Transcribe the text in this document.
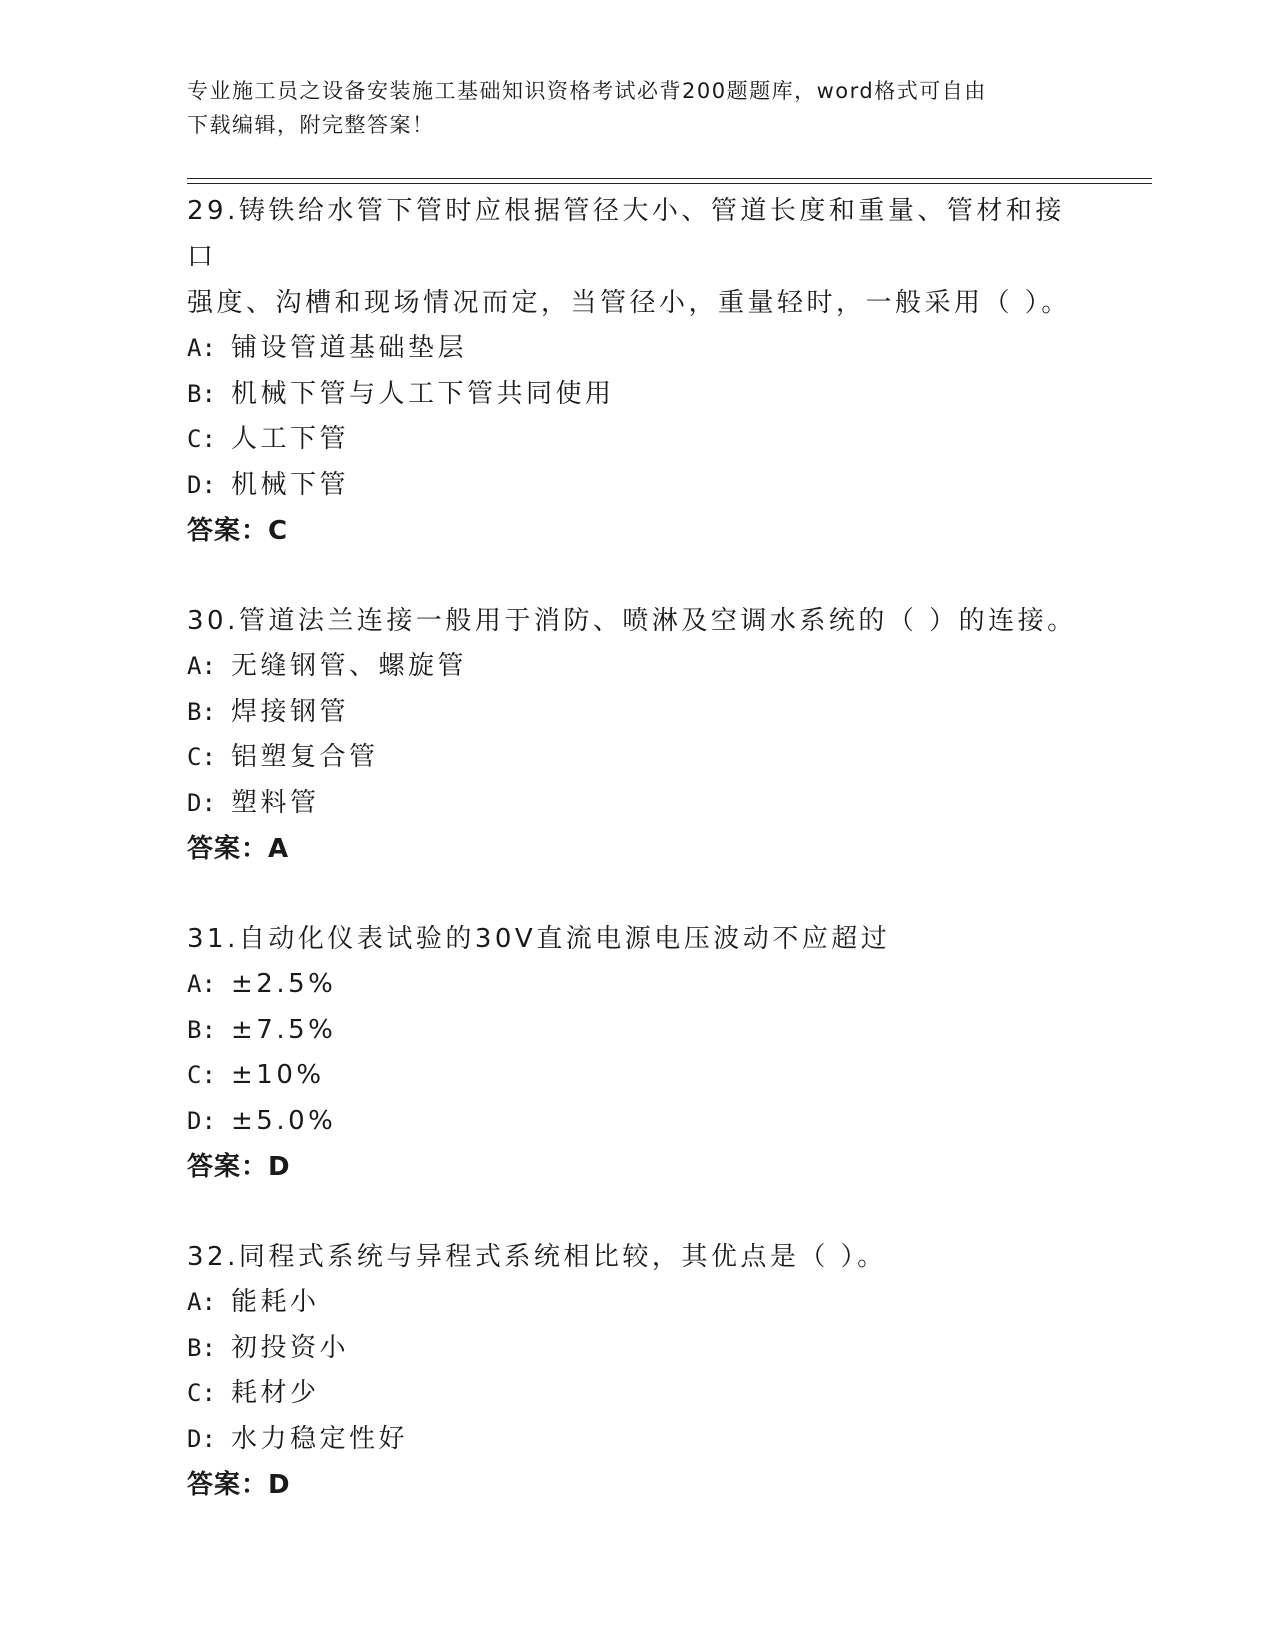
专业施工员之设备安装施工基础知识资格考试必背200题题库，word格式可自由
下载编辑，附完整答案！
29.铸铁给水管下管时应根据管径大小、管道长度和重量、管材和接口
强度、沟槽和现场情况而定，当管径小，重量轻时，一般采用（ ）。
A: 铺设管道基础垫层
B: 机械下管与人工下管共同使用
C: 人工下管
D: 机械下管
答案：C
30.管道法兰连接一般用于消防、喷淋及空调水系统的（ ）的连接。
A: 无缝钢管、螺旋管
B: 焊接钢管
C: 铝塑复合管
D: 塑料管
答案：A
31.自动化仪表试验的30V直流电源电压波动不应超过
A: ±2.5%
B: ±7.5%
C: ±10%
D: ±5.0%
答案：D
32.同程式系统与异程式系统相比较，其优点是（ ）。
A: 能耗小
B: 初投资小
C: 耗材少
D: 水力稳定性好
答案：D
